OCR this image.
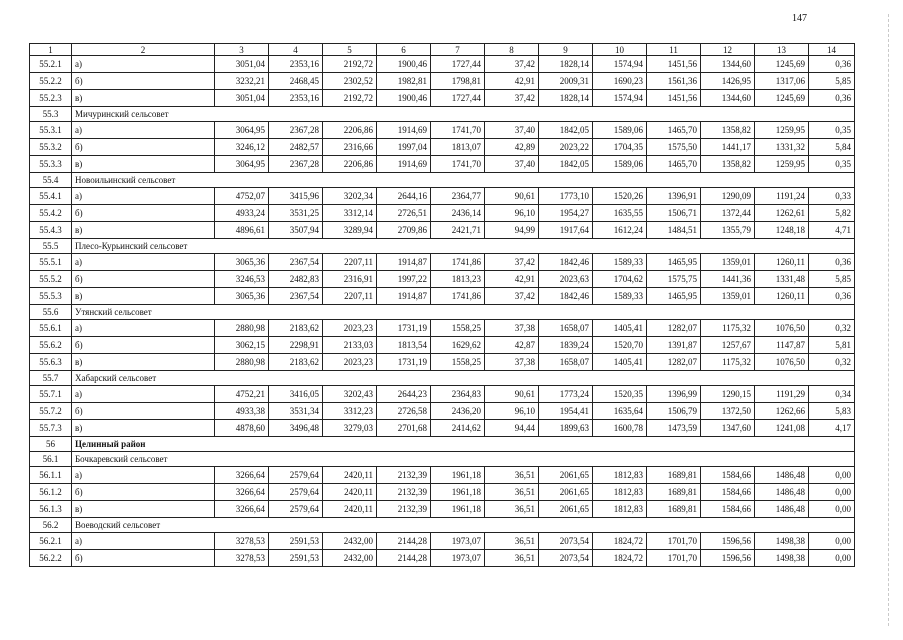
147
1	2	3	4	5	6	7	8	9	10	11	12	13	14
55.2.1	а)	3051,04	2353,16	2192,72	1900,46	1727,44	37,42	1828,14	1574,94	1451,56	1344,60	1245,69	0,36
55.2.2	б)	3232,21	2468,45	2302,52	1982,81	1798,81	42,91	2009,31	1690,23	1561,36	1426,95	1317,06	5,85
55.2.3	в)	3051,04	2353,16	2192,72	1900,46	1727,44	37,42	1828,14	1574,94	1451,56	1344,60	1245,69	0,36
55.3	Мичуринский сельсовет												
55.3.1	а)	3064,95	2367,28	2206,86	1914,69	1741,70	37,40	1842,05	1589,06	1465,70	1358,82	1259,95	0,35
55.3.2	б)	3246,12	2482,57	2316,66	1997,04	1813,07	42,89	2023,22	1704,35	1575,50	1441,17	1331,32	5,84
55.3.3	в)	3064,95	2367,28	2206,86	1914,69	1741,70	37,40	1842,05	1589,06	1465,70	1358,82	1259,95	0,35
55.4	Новоильинский сельсовет												
55.4.1	а)	4752,07	3415,96	3202,34	2644,16	2364,77	90,61	1773,10	1520,26	1396,91	1290,09	1191,24	0,33
55.4.2	б)	4933,24	3531,25	3312,14	2726,51	2436,14	96,10	1954,27	1635,55	1506,71	1372,44	1262,61	5,82
55.4.3	в)	4896,61	3507,94	3289,94	2709,86	2421,71	94,99	1917,64	1612,24	1484,51	1355,79	1248,18	4,71
55.5	Плесо-Курьинский сельсовет												
55.5.1	а)	3065,36	2367,54	2207,11	1914,87	1741,86	37,42	1842,46	1589,33	1465,95	1359,01	1260,11	0,36
55.5.2	б)	3246,53	2482,83	2316,91	1997,22	1813,23	42,91	2023,63	1704,62	1575,75	1441,36	1331,48	5,85
55.5.3	в)	3065,36	2367,54	2207,11	1914,87	1741,86	37,42	1842,46	1589,33	1465,95	1359,01	1260,11	0,36
55.6	Утянский сельсовет												
55.6.1	а)	2880,98	2183,62	2023,23	1731,19	1558,25	37,38	1658,07	1405,41	1282,07	1175,32	1076,50	0,32
55.6.2	б)	3062,15	2298,91	2133,03	1813,54	1629,62	42,87	1839,24	1520,70	1391,87	1257,67	1147,87	5,81
55.6.3	в)	2880,98	2183,62	2023,23	1731,19	1558,25	37,38	1658,07	1405,41	1282,07	1175,32	1076,50	0,32
55.7	Хабарский сельсовет												
55.7.1	а)	4752,21	3416,05	3202,43	2644,23	2364,83	90,61	1773,24	1520,35	1396,99	1290,15	1191,29	0,34
55.7.2	б)	4933,38	3531,34	3312,23	2726,58	2436,20	96,10	1954,41	1635,64	1506,79	1372,50	1262,66	5,83
55.7.3	в)	4878,60	3496,48	3279,03	2701,68	2414,62	94,44	1899,63	1600,78	1473,59	1347,60	1241,08	4,17
56	Целинный район												
56.1	Бочкаревский сельсовет												
56.1.1	а)	3266,64	2579,64	2420,11	2132,39	1961,18	36,51	2061,65	1812,83	1689,81	1584,66	1486,48	0,00
56.1.2	б)	3266,64	2579,64	2420,11	2132,39	1961,18	36,51	2061,65	1812,83	1689,81	1584,66	1486,48	0,00
56.1.3	в)	3266,64	2579,64	2420,11	2132,39	1961,18	36,51	2061,65	1812,83	1689,81	1584,66	1486,48	0,00
56.2	Воеводский сельсовет												
56.2.1	а)	3278,53	2591,53	2432,00	2144,28	1973,07	36,51	2073,54	1824,72	1701,70	1596,56	1498,38	0,00
56.2.2	б)	3278,53	2591,53	2432,00	2144,28	1973,07	36,51	2073,54	1824,72	1701,70	1596,56	1498,38	0,00
